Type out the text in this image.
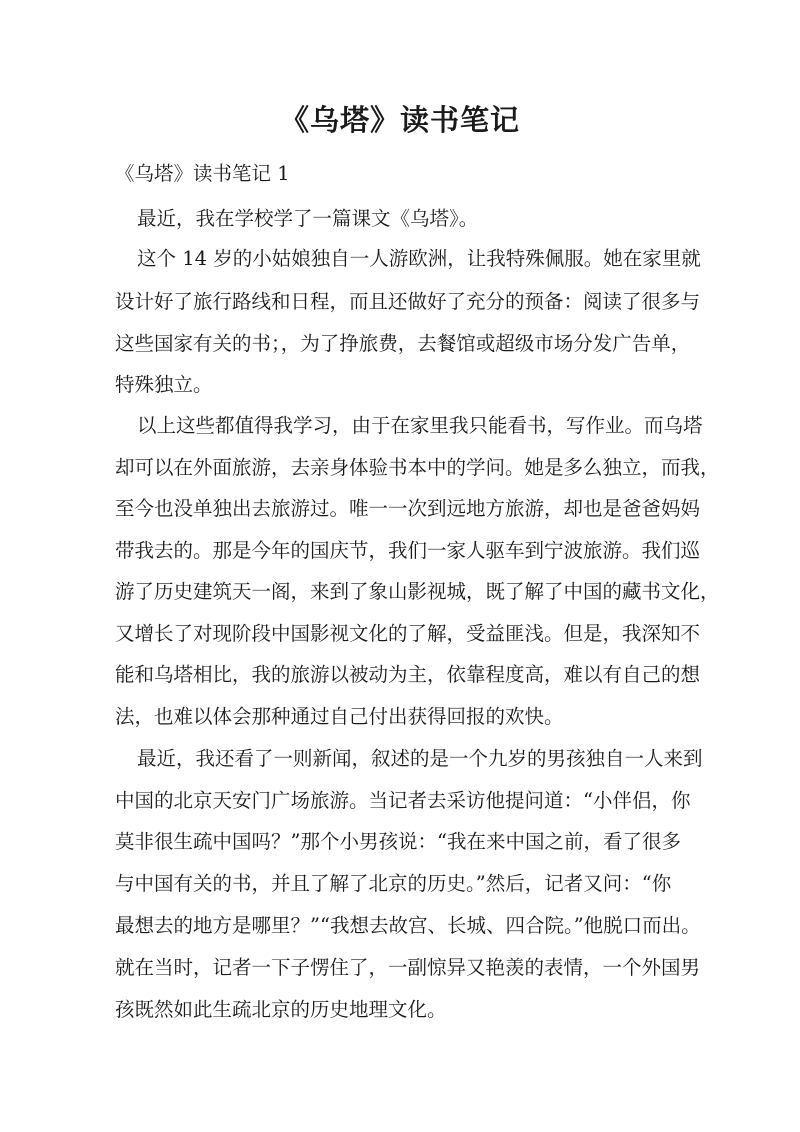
《乌塔》读书笔记
《乌塔》读书笔记 1
最近，我在学校学了一篇课文《乌塔》。
这个 14 岁的小姑娘独自一人游欧洲，让我特殊佩服。她在家里就
设计好了旅行路线和日程，而且还做好了充分的预备：阅读了很多与
这些国家有关的书；，为了挣旅费，去餐馆或超级市场分发广告单，
特殊独立。
以上这些都值得我学习，由于在家里我只能看书，写作业。而乌塔
却可以在外面旅游，去亲身体验书本中的学问。她是多么独立，而我，
至今也没单独出去旅游过。唯一一次到远地方旅游，却也是爸爸妈妈
带我去的。那是今年的国庆节，我们一家人驱车到宁波旅游。我们巡
游了历史建筑天一阁，来到了象山影视城，既了解了中国的藏书文化，
又增长了对现阶段中国影视文化的了解，受益匪浅。但是，我深知不
能和乌塔相比，我的旅游以被动为主，依靠程度高，难以有自己的想
法，也难以体会那种通过自己付出获得回报的欢快。
最近，我还看了一则新闻，叙述的是一个九岁的男孩独自一人来到
中国的北京天安门广场旅游。当记者去采访他提问道：“小伴侣，你
莫非很生疏中国吗？”那个小男孩说：“我在来中国之前，看了很多
与中国有关的书，并且了解了北京的历史。”然后，记者又问：“你
最想去的地方是哪里？”“我想去故宫、长城、四合院。”他脱口而出。
就在当时，记者一下子愣住了，一副惊异又艳羡的表情，一个外国男
孩既然如此生疏北京的历史地理文化。
